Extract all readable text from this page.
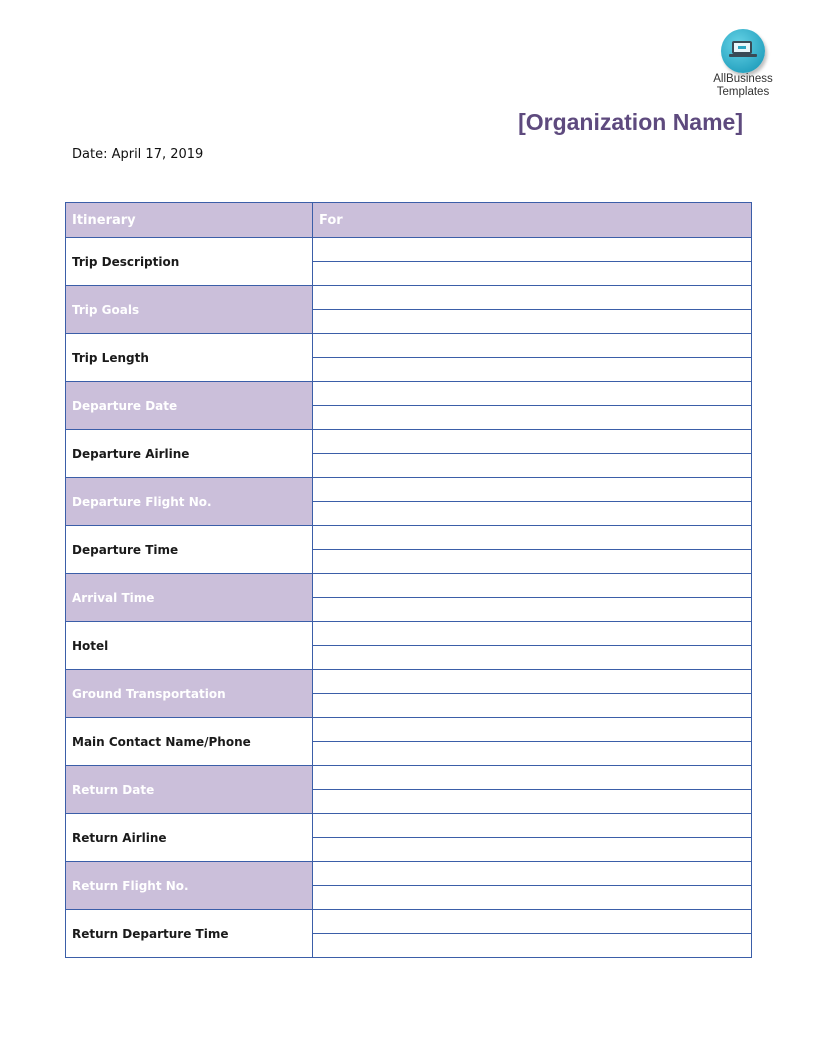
AllBusiness
Templates
[Organization Name]
Date: April 17, 2019
Itinerary	For
Trip Description	

Trip Goals	

Trip Length	

Departure Date	

Departure Airline	

Departure Flight No.	

Departure Time	

Arrival Time	

Hotel	

Ground Transportation	

Main Contact Name/Phone	

Return Date	

Return Airline	

Return Flight No.	

Return Departure Time	
